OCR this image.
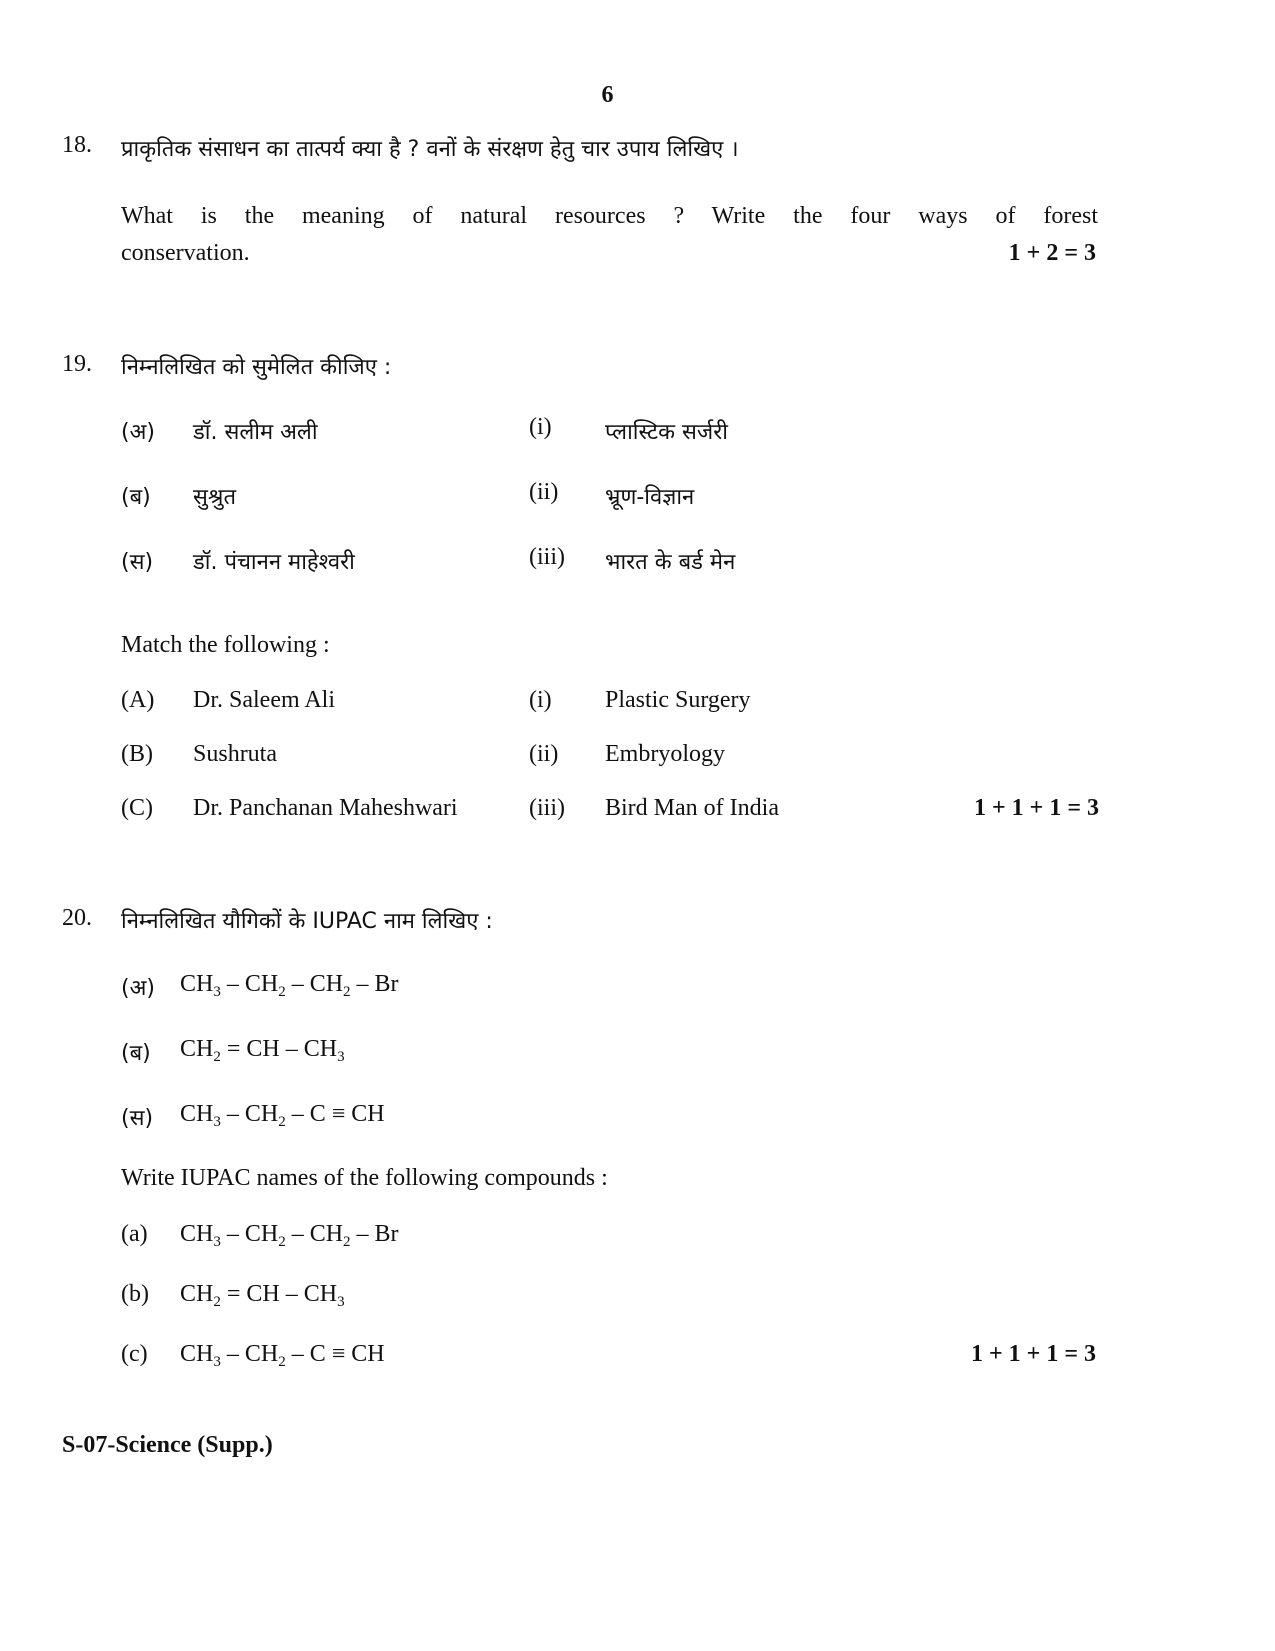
6
18. प्राकृतिक संसाधन का तात्पर्य क्या है ? वनों के संरक्षण हेतु चार उपाय लिखिए ।
What is the meaning of natural resources ? Write the four ways of forest
conservation.	1 + 2 = 3
19. निम्नलिखित को सुमेलित कीजिए :
(अ) डॉ. सलीम अली	(i) प्लास्टिक सर्जरी
(ब) सुश्रुत	(ii) भ्रूण-विज्ञान
(स) डॉ. पंचानन माहेश्वरी	(iii) भारत के बर्ड मेन
Match the following :
(A) Dr. Saleem Ali	(i) Plastic Surgery
(B) Sushruta	(ii) Embryology
(C) Dr. Panchanan Maheshwari	(iii) Bird Man of India	1 + 1 + 1 = 3
20. निम्नलिखित यौगिकों के IUPAC नाम लिखिए :
(अ) $CH_3 - CH_2 - CH_2$ – Br
(ब) $CH_2$ = CH – $CH_3$
(स) $CH_3 - CH_2$ – C ≡ CH
Write IUPAC names of the following compounds :
(a) $CH_3 - CH_2 - CH_2$ – Br
(b) $CH_2$ = CH – $CH_3$
(c) $CH_3 - CH_2$ – C ≡ CH	1 + 1 + 1 = 3
S-07-Science (Supp.)
